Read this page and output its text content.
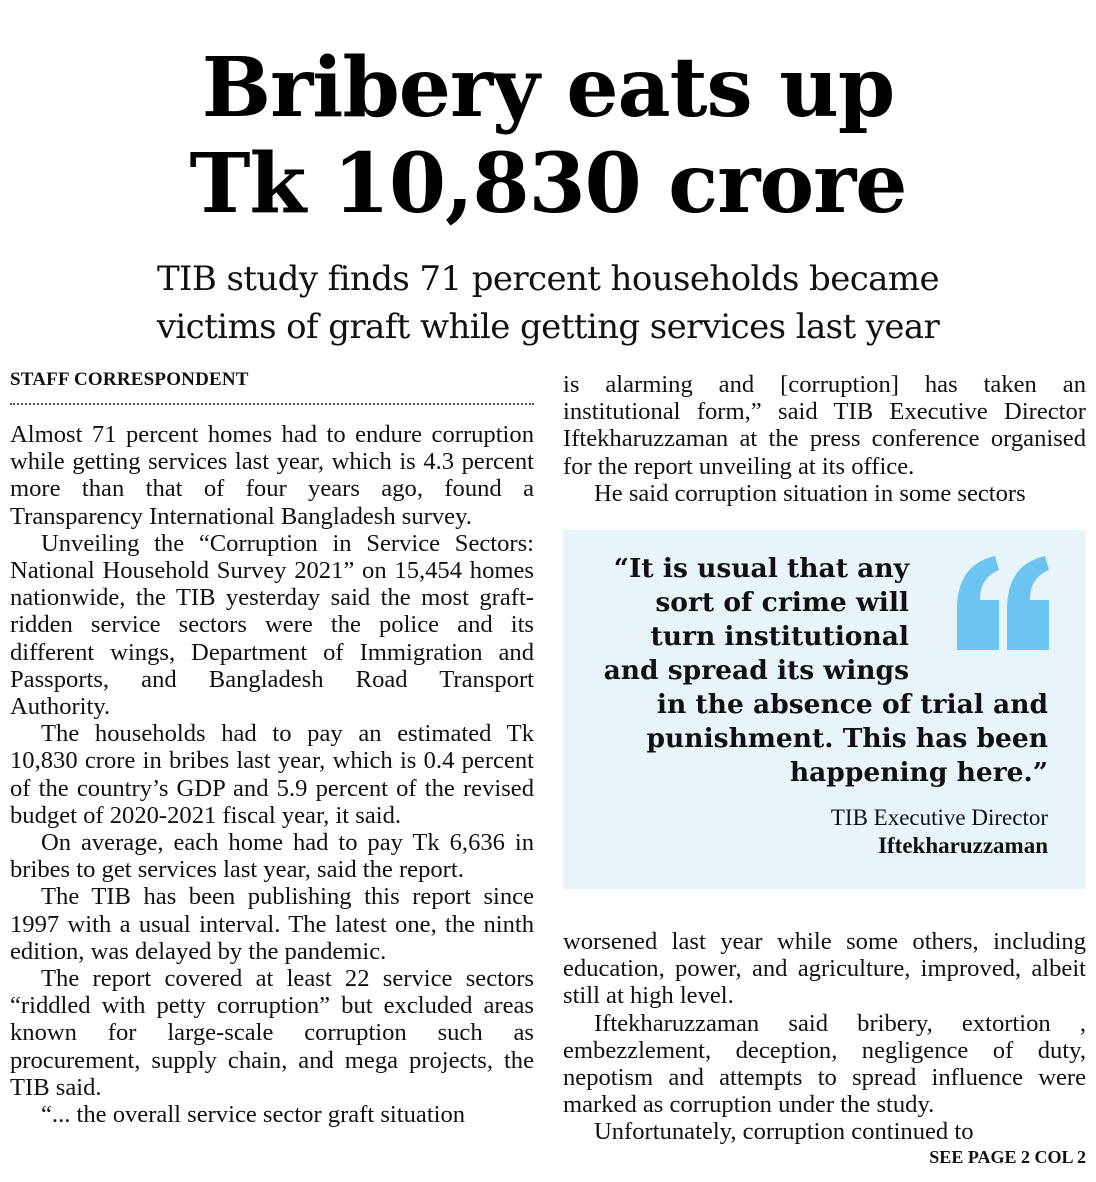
Bribery eats up
Tk 10,830 crore
TIB study finds 71 percent households became
victims of graft while getting services last year
STAFF CORRESPONDENT

Almost 71 percent homes had to endure corruption while getting services last year, which is 4.3 percent more than that of four years ago, found a Transparency International Bangladesh survey.

Unveiling the “Corruption in Service Sectors: National Household Survey 2021” on 15,454 homes nationwide, the TIB yesterday said the most graft-ridden service sectors were the police and its different wings, Department of Immigration and Passports, and Bangladesh Road Transport Authority.

The households had to pay an estimated Tk 10,830 crore in bribes last year, which is 0.4 percent of the country’s GDP and 5.9 percent of the revised budget of 2020-2021 fiscal year, it said.

On average, each home had to pay Tk 6,636 in bribes to get services last year, said the report.

The TIB has been publishing this report since 1997 with a usual interval. The latest one, the ninth edition, was delayed by the pandemic.

The report covered at least 22 service sectors “riddled with petty corruption” but excluded areas known for large-scale corruption such as procurement, supply chain, and mega projects, the TIB said.

“... the overall service sector graft situation

is alarming and [corruption] has taken an institutional form,” said TIB Executive Director Iftekharuzzaman at the press conference organised for the report unveiling at its office.

He said corruption situation in some sectors

“It is usual that any
sort of crime will
turn institutional
and spread its wings
in the absence of trial and
punishment. This has been
happening here.”
TIB Executive Director
Iftekharuzzaman

worsened last year while some others, including education, power, and agriculture, improved, albeit still at high level.

Iftekharuzzaman said bribery, extortion , embezzlement, deception, negligence of duty, nepotism and attempts to spread influence were marked as corruption under the study.

Unfortunately, corruption continued to

SEE PAGE 2 COL 2
